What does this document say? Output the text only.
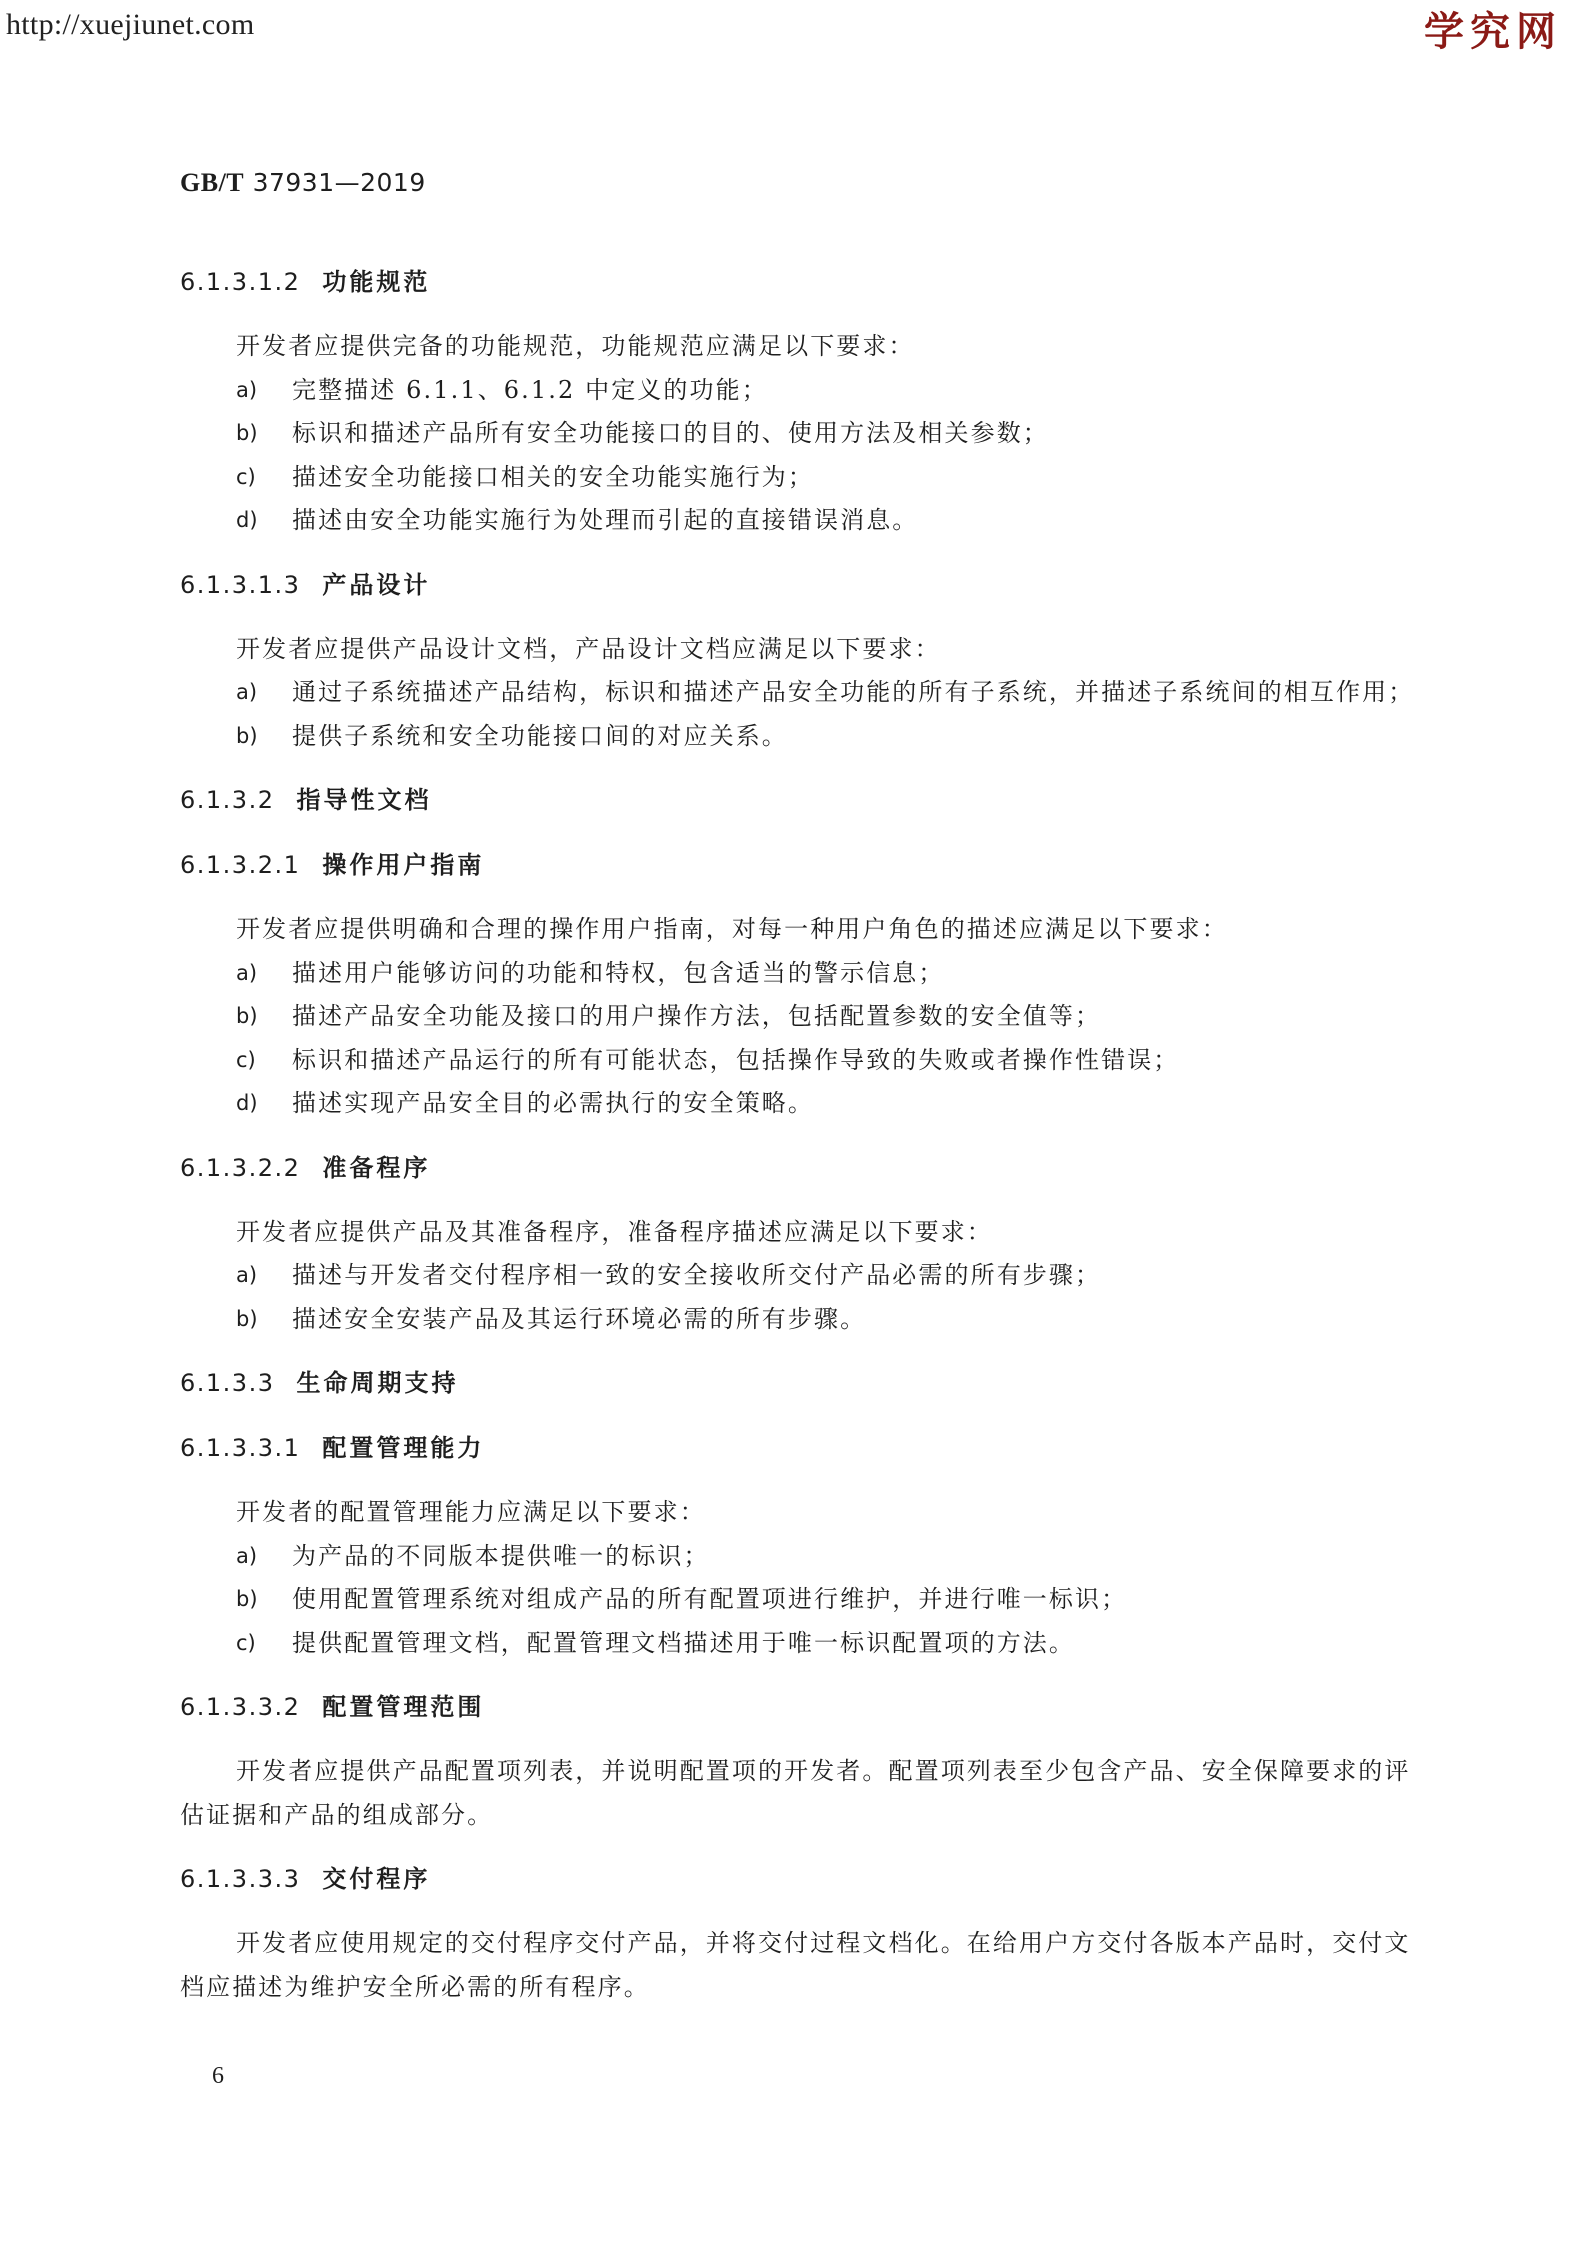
http://xuejiunet.com	学究网
GB/T 37931—2019
6.1.3.1.2 功能规范

开发者应提供完备的功能规范，功能规范应满足以下要求：

a) 完整描述 6.1.1、6.1.2 中定义的功能；
b) 标识和描述产品所有安全功能接口的目的、使用方法及相关参数；
c) 描述安全功能接口相关的安全功能实施行为；
d) 描述由安全功能实施行为处理而引起的直接错误消息。
6.1.3.1.3 产品设计

开发者应提供产品设计文档，产品设计文档应满足以下要求：

a) 通过子系统描述产品结构，标识和描述产品安全功能的所有子系统，并描述子系统间的相互作用；
b) 提供子系统和安全功能接口间的对应关系。
6.1.3.2 指导性文档
6.1.3.2.1 操作用户指南

开发者应提供明确和合理的操作用户指南，对每一种用户角色的描述应满足以下要求：

a) 描述用户能够访问的功能和特权，包含适当的警示信息；
b) 描述产品安全功能及接口的用户操作方法，包括配置参数的安全值等；
c) 标识和描述产品运行的所有可能状态，包括操作导致的失败或者操作性错误；
d) 描述实现产品安全目的必需执行的安全策略。
6.1.3.2.2 准备程序

开发者应提供产品及其准备程序，准备程序描述应满足以下要求：

a) 描述与开发者交付程序相一致的安全接收所交付产品必需的所有步骤；
b) 描述安全安装产品及其运行环境必需的所有步骤。
6.1.3.3 生命周期支持
6.1.3.3.1 配置管理能力

开发者的配置管理能力应满足以下要求：

a) 为产品的不同版本提供唯一的标识；
b) 使用配置管理系统对组成产品的所有配置项进行维护，并进行唯一标识；
c) 提供配置管理文档，配置管理文档描述用于唯一标识配置项的方法。
6.1.3.3.2 配置管理范围

开发者应提供产品配置项列表，并说明配置项的开发者。配置项列表至少包含产品、安全保障要求的评估证据和产品的组成部分。

6.1.3.3.3 交付程序

开发者应使用规定的交付程序交付产品，并将交付过程文档化。在给用户方交付各版本产品时，交付文档应描述为维护安全所必需的所有程序。

6
